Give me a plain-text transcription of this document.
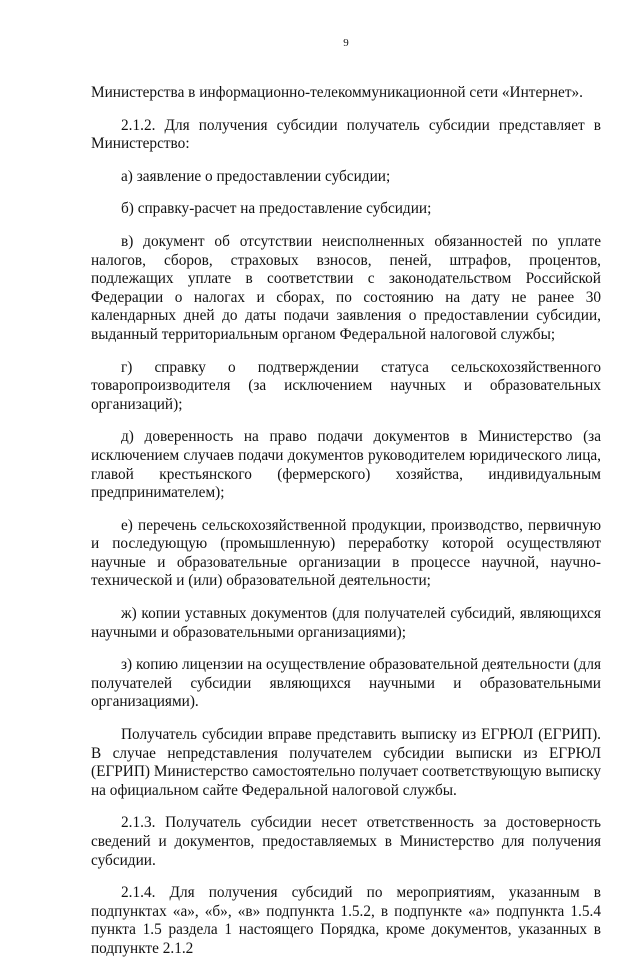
9

Министерства в информационно-телекоммуникационной сети «Интернет».

2.1.2. Для получения субсидии получатель субсидии представляет в Министерство:

а) заявление о предоставлении субсидии;

б) справку-расчет на предоставление субсидии;

в) документ об отсутствии неисполненных обязанностей по уплате налогов, сборов, страховых взносов, пеней, штрафов, процентов, подлежащих уплате в соответствии с законодательством Российской Федерации о налогах и сборах, по состоянию на дату не ранее 30 календарных дней до даты подачи заявления о предоставлении субсидии, выданный территориальным органом Федеральной налоговой службы;

г) справку о подтверждении статуса сельскохозяйственного товаропроизводителя (за исключением научных и образовательных организаций);

д) доверенность на право подачи документов в Министерство (за исключением случаев подачи документов руководителем юридического лица, главой крестьянского (фермерского) хозяйства, индивидуальным предпринимателем);

е) перечень сельскохозяйственной продукции, производство, первичную и последующую (промышленную) переработку которой осуществляют научные и образовательные организации в процессе научной, научно-технической и (или) образовательной деятельности;

ж) копии уставных документов (для получателей субсидий, являющихся научными и образовательными организациями);

з) копию лицензии на осуществление образовательной деятельности (для получателей субсидии являющихся научными и образовательными организациями).

Получатель субсидии вправе представить выписку из ЕГРЮЛ (ЕГРИП). В случае непредставления получателем субсидии выписки из ЕГРЮЛ (ЕГРИП) Министерство самостоятельно получает соответствующую выписку на официальном сайте Федеральной налоговой службы.

2.1.3. Получатель субсидии несет ответственность за достоверность сведений и документов, предоставляемых в Министерство для получения субсидии.

2.1.4. Для получения субсидий по мероприятиям, указанным в подпунктах «а», «б», «в» подпункта 1.5.2, в подпункте «а» подпункта 1.5.4 пункта 1.5 раздела 1 настоящего Порядка, кроме документов, указанных в подпункте 2.1.2
